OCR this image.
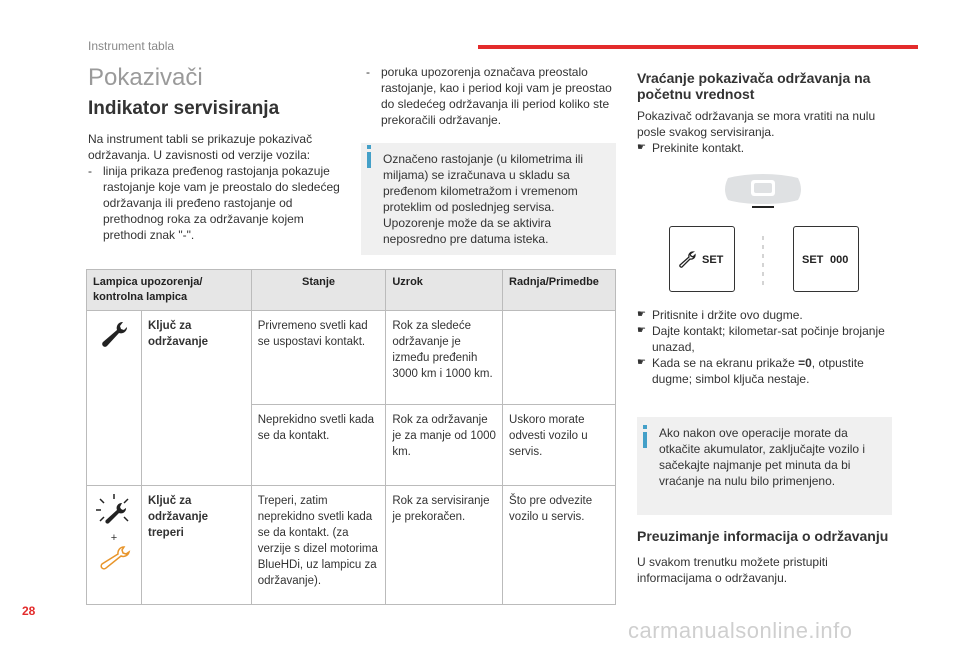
Instrument tabla
Pokazivači
Indikator servisiranja

Na instrument tabli se prikazuje pokazivač održavanja. U zavisnosti od verzije vozila:

- linija prikaza pređenog rastojanja pokazuje rastojanje koje vam je preostalo do sledećeg održavanja ili pređeno rastojanje od prethodnog roka za održavanje kojem prethodi znak "-".

- poruka upozorenja označava preostalo rastojanje, kao i period koji vam je preostao do sledećeg održavanja ili period koliko ste prekoračili održavanje.

Označeno rastojanje (u kilometrima ili miljama) se izračunava u skladu sa pređenom kilometražom i vremenom proteklim od poslednjeg servisa. Upozorenje može da se aktivira neposredno pre datuma isteka.
Lampica upozorenja/ kontrolna lampica		Stanje	Uzrok	Radnja/Primedbe
	Ključ za održavanje	Privremeno svetli kad se uspostavi kontakt.	Rok za sledeće održavanje je između pređenih 3000 km i 1000 km.	
		Neprekidno svetli kada se da kontakt.	Rok za održavanje je za manje od 1000 km.	Uskoro morate odvesti vozilo u servis.

+	Ključ za održavanje treperi	Treperi, zatim neprekidno svetli kada se da kontakt. (za verzije s dizel motorima BlueHDi, uz lampicu za održavanje).	Rok za servisiranje je prekoračen.	Što pre odvezite vozilo u servis.
Vraćanje pokazivača održavanja na početnu vrednost

Pokazivač održavanja se mora vratiti na nulu posle svakog servisiranja.

☛ Prekinite kontakt.

SET	SET 000

☛ Pritisnite i držite ovo dugme.

☛ Dajte kontakt; kilometar-sat počinje brojanje unazad,

☛ Kada se na ekranu prikaže =0, otpustite dugme; simbol ključa nestaje.

Ako nakon ove operacije morate da otkačite akumulator, zaključajte vozilo i sačekajte najmanje pet minuta da bi vraćanje na nulu bilo primenjeno.
Preuzimanje informacija o održavanju

U svakom trenutku možete pristupiti informacijama o održavanju.

28
carmanualsonline.info
